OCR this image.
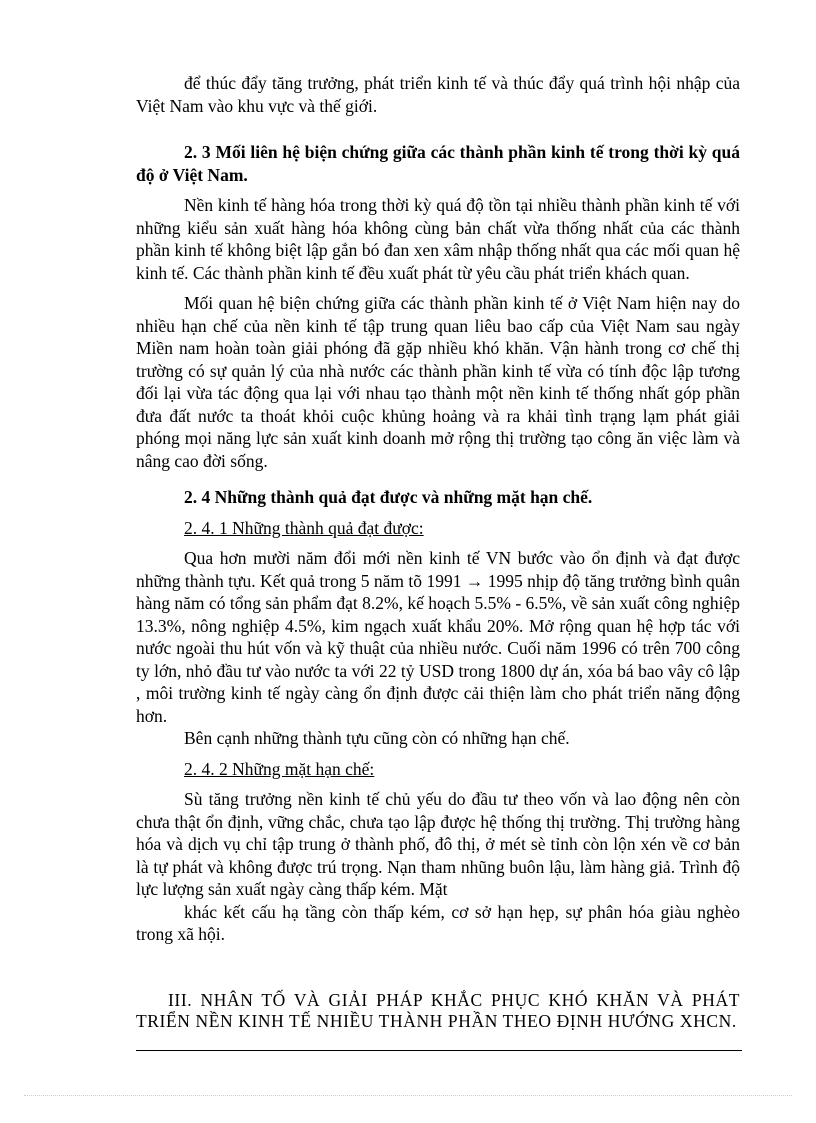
để thúc đẩy tăng trưởng, phát triển kinh tế và thúc đẩy quá trình hội nhập của Việt Nam vào khu vực và thế giới.

2. 3 Mối liên hệ biện chứng giữa các thành phần kinh tế trong thời kỳ quá độ ở Việt Nam.

Nền kinh tế hàng hóa trong thời kỳ quá độ tồn tại nhiều thành phần kinh tế với những kiểu sản xuất hàng hóa không cùng bản chất vừa thống nhất của các thành phần kinh tế không biệt lập gắn bó đan xen xâm nhập thống nhất qua các mối quan hệ kinh tế. Các thành phần kinh tế đều xuất phát từ yêu cầu phát triển khách quan.

Mối quan hệ biện chứng giữa các thành phần kinh tế ở Việt Nam hiện nay do nhiều hạn chế của nền kinh tế tập trung quan liêu bao cấp của Việt Nam sau ngày Miền nam hoàn toàn giải phóng đã gặp nhiều khó khăn. Vận hành trong cơ chế thị trường có sự quản lý của nhà nước các thành phần kinh tế vừa có tính độc lập tương đối lại vừa tác động qua lại với nhau tạo thành một nền kinh tế thống nhất góp phần đưa đất nước ta thoát khỏi cuộc khủng hoảng và ra khải tình trạng lạm phát giải phóng mọi năng lực sản xuất kinh doanh mở rộng thị trường tạo công ăn việc làm và nâng cao đời sống.

2. 4 Những thành quả đạt được và những mặt hạn chế.

2. 4. 1 Những thành quả đạt được:

Qua hơn mười năm đổi mới nền kinh tế VN bước vào ổn định và đạt được những thành tựu. Kết quả trong 5 năm tõ 1991 → 1995 nhịp độ tăng trưởng bình quân hàng năm có tổng sản phẩm đạt 8.2%, kế hoạch 5.5% - 6.5%, về sản xuất công nghiệp 13.3%, nông nghiệp 4.5%, kim ngạch xuất khẩu 20%. Mở rộng quan hệ hợp tác với nước ngoài thu hút vốn và kỹ thuật của nhiều nước. Cuối năm 1996 có trên 700 công ty lớn, nhỏ đầu tư vào nước ta với 22 tỷ USD trong 1800 dự án, xóa bá bao vây cô lập , môi trường kinh tế ngày càng ổn định được cải thiện làm cho phát triển năng động hơn.

Bên cạnh những thành tựu cũng còn có những hạn chế.

2. 4. 2 Những mặt hạn chế:

Sù tăng trưởng nền kinh tế chủ yếu do đầu tư theo vốn và lao động nên còn chưa thật ổn định, vững chắc, chưa tạo lập được hệ thống thị trường. Thị trường hàng hóa và dịch vụ chỉ tập trung ở thành phố, đô thị, ở mét sè tỉnh còn lộn xén về cơ bản là tự phát và không được trú trọng. Nạn tham nhũng buôn lậu, làm hàng giả. Trình độ lực lượng sản xuất ngày càng thấp kém. Mặt

khác kết cấu hạ tầng còn thấp kém, cơ sở hạn hẹp, sự phân hóa giàu nghèo trong xã hội.

III. NHÂN TỐ VÀ GIẢI PHÁP KHẮC PHỤC KHÓ KHĂN VÀ PHÁT TRIỂN NỀN KINH TẾ NHIỀU THÀNH PHẦN THEO ĐỊNH HƯỚNG XHCN.
